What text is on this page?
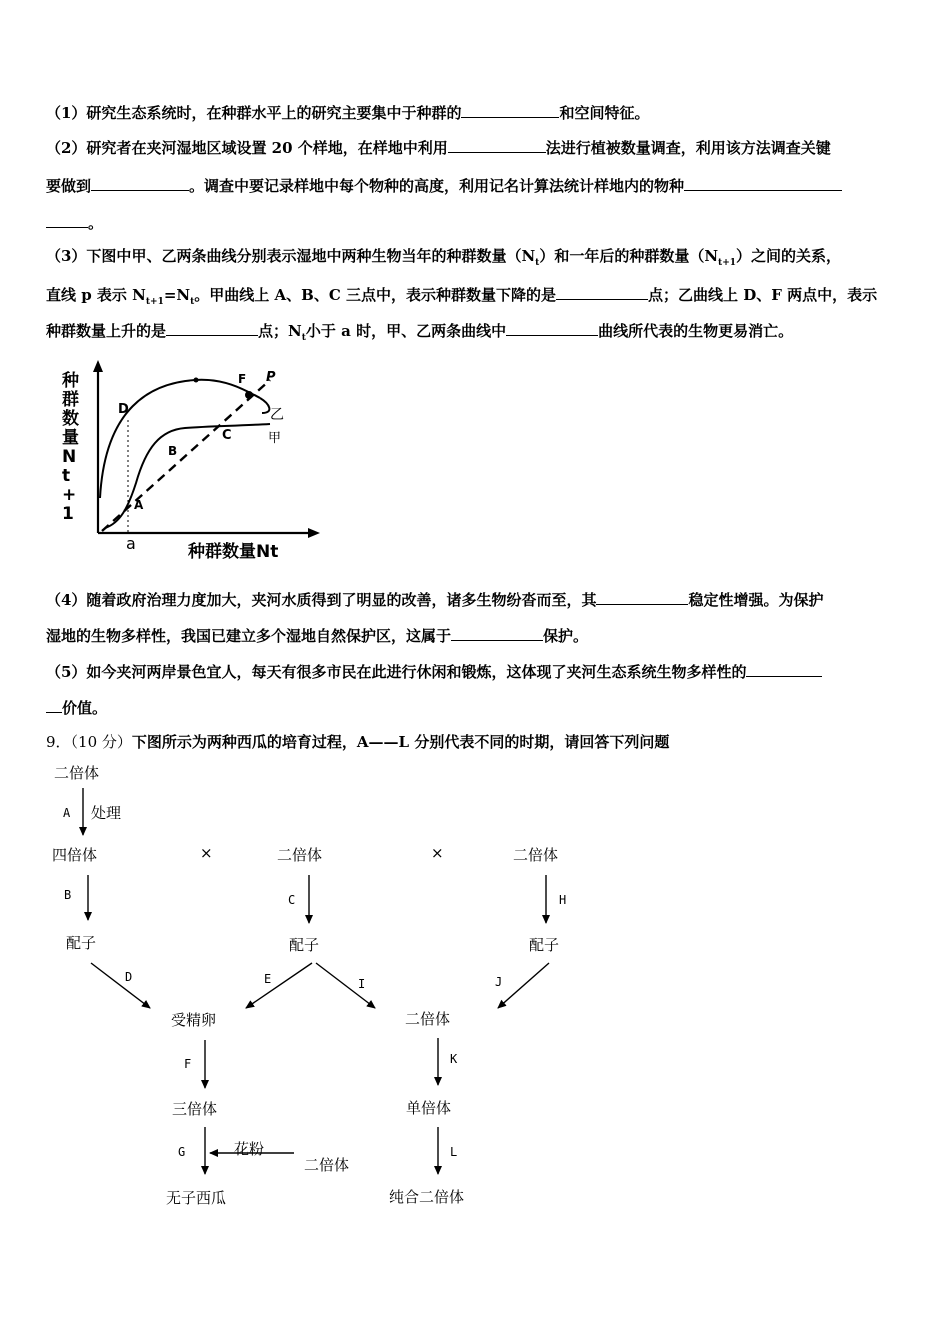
（1）研究生态系统时，在种群水平上的研究主要集中于种群的	和空间特征。
（2）研究者在夹河湿地区域设置 20 个样地，在样地中利用	法进行植被数量调查，利用该方法调查关键
要做到	。调查中要记录样地中每个物种的高度，利用记名计算法统计样地内的物种
。
（3）下图中甲、乙两条曲线分别表示湿地中两种生物当年的种群数量$(N_t)$和一年后的种群数量$(N_{t+1})$之间的关系，
直线 p 表示 $N_{t+1}=N_t$。甲曲线上 A、B、C 三点中，表示种群数量下降的是	点；乙曲线上 D、F 两点中，表示
种群数量上升的是	点；$N_t$小于 a 时，甲、乙两条曲线中	曲线所代表的生物更易消亡。
种群数量Nt+1
种群数量Nt
a
A
B
C
D
F P
乙
甲
（4）随着政府治理力度加大，夹河水质得到了明显的改善，诸多生物纷沓而至，其	稳定性增强。为保护
湿地的生物多样性，我国已建立多个湿地自然保护区，这属于	保护。
（5）如今夹河两岸景色宜人，每天有很多市民在此进行休闲和锻炼，这体现了夹河生态系统生物多样性的
价值。
9．（10 分）下图所示为两种西瓜的培育过程，A——L 分别代表不同的时期，请回答下列问题
二倍体
A 处理
四倍体	×	二倍体	×	二倍体
B	C	H
配子	配子	配子
D	E	I	J
受精卵	二倍体
F	K
三倍体	单倍体
G	花粉
二倍体
L
无子西瓜	纯合二倍体
